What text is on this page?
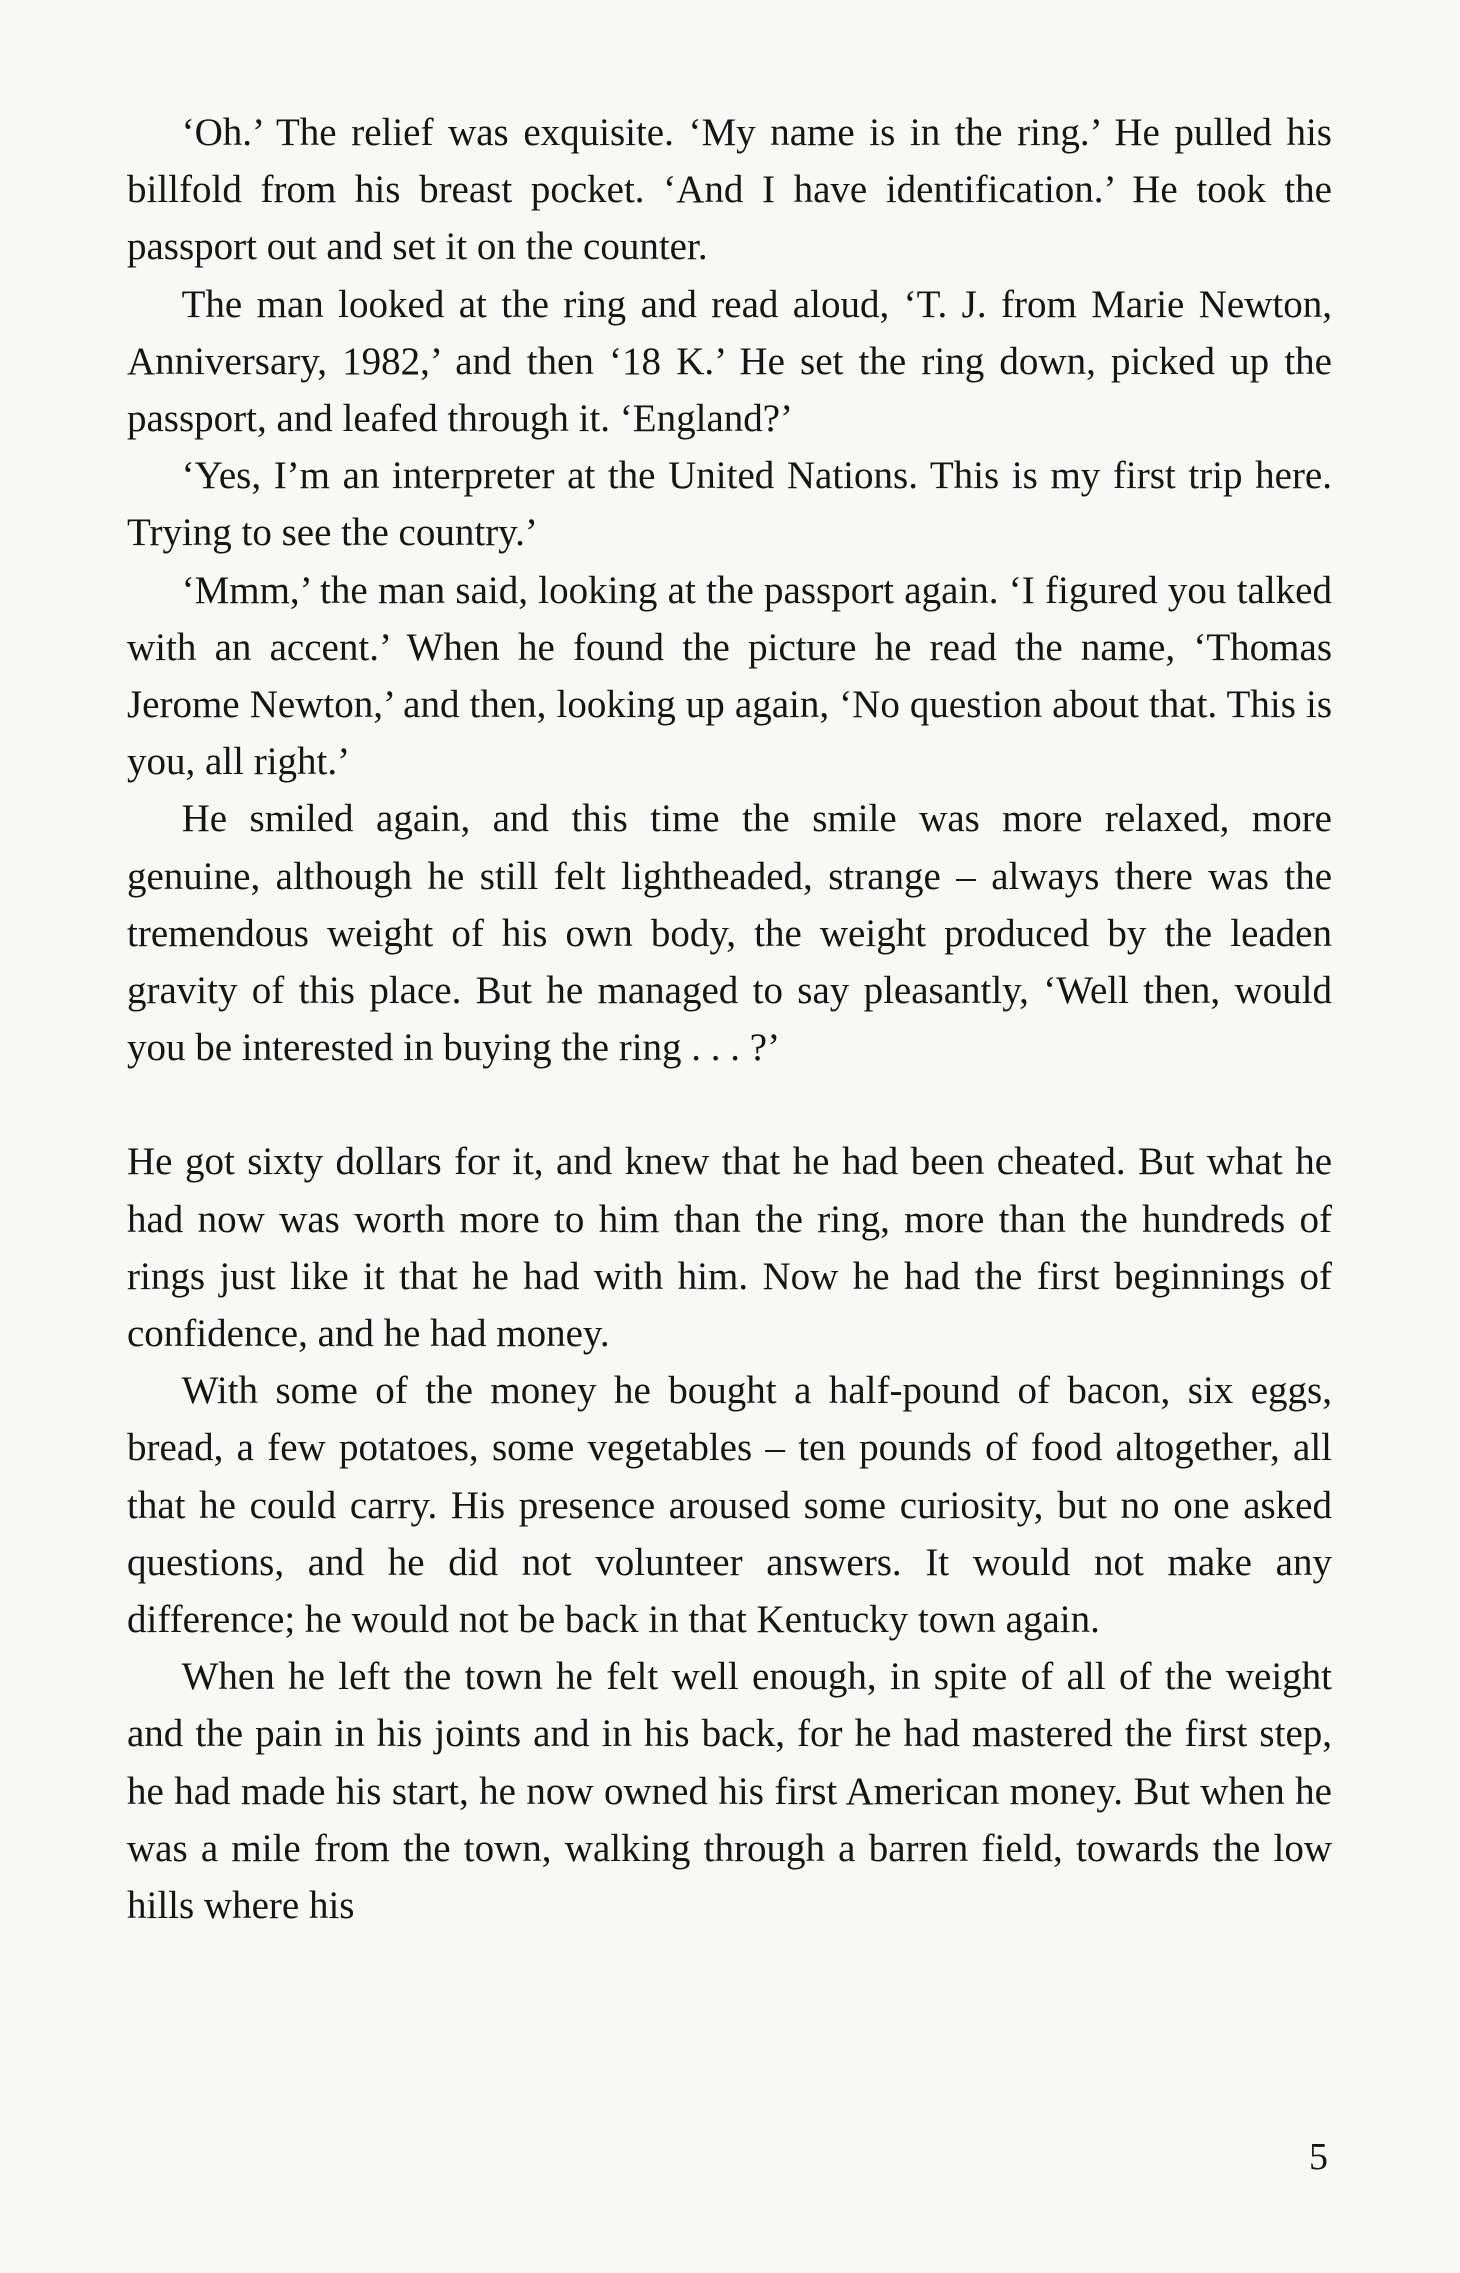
‘Oh.’ The relief was exquisite. ‘My name is in the ring.’ He pulled his billfold from his breast pocket. ‘And I have identification.’ He took the passport out and set it on the counter.

The man looked at the ring and read aloud, ‘T. J. from Marie Newton, Anniversary, 1982,’ and then ‘18 K.’ He set the ring down, picked up the passport, and leafed through it. ‘England?’

‘Yes, I’m an interpreter at the United Nations. This is my first trip here. Trying to see the country.’

‘Mmm,’ the man said, looking at the passport again. ‘I figured you talked with an accent.’ When he found the picture he read the name, ‘Thomas Jerome Newton,’ and then, looking up again, ‘No question about that. This is you, all right.’

He smiled again, and this time the smile was more relaxed, more genuine, although he still felt lightheaded, strange – always there was the tremendous weight of his own body, the weight produced by the leaden gravity of this place. But he managed to say pleasantly, ‘Well then, would you be interested in buying the ring . . . ?’

He got sixty dollars for it, and knew that he had been cheated. But what he had now was worth more to him than the ring, more than the hundreds of rings just like it that he had with him. Now he had the first beginnings of confidence, and he had money.

With some of the money he bought a half-pound of bacon, six eggs, bread, a few potatoes, some vegetables – ten pounds of food altogether, all that he could carry. His presence aroused some curiosity, but no one asked questions, and he did not volunteer answers. It would not make any difference; he would not be back in that Kentucky town again.

When he left the town he felt well enough, in spite of all of the weight and the pain in his joints and in his back, for he had mastered the first step, he had made his start, he now owned his first American money. But when he was a mile from the town, walking through a barren field, towards the low hills where his

5
